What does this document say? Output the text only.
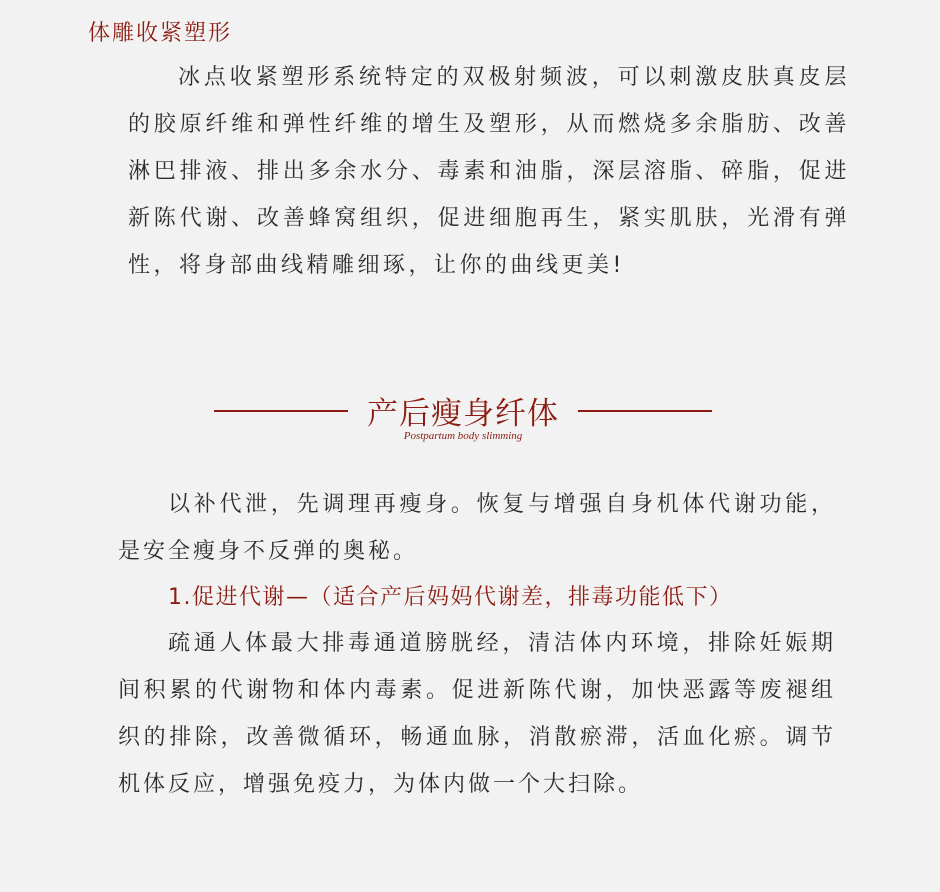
体雕收紧塑形

冰点收紧塑形系统特定的双极射频波，可以刺激皮肤真皮层的胶原纤维和弹性纤维的增生及塑形，从而燃烧多余脂肪、改善淋巴排液、排出多余水分、毒素和油脂，深层溶脂、碎脂，促进新陈代谢、改善蜂窝组织，促进细胞再生，紧实肌肤，光滑有弹性，将身部曲线精雕细琢，让你的曲线更美!

产后瘦身纤体
Postpartum body slimming

以补代泄，先调理再瘦身。恢复与增强自身机体代谢功能，是安全瘦身不反弹的奥秘。

1.促进代谢—（适合产后妈妈代谢差，排毒功能低下）

疏通人体最大排毒通道膀胱经，清洁体内环境，排除妊娠期间积累的代谢物和体内毒素。促进新陈代谢，加快恶露等废褪组织的排除，改善微循环，畅通血脉，消散瘀滞，活血化瘀。调节机体反应，增强免疫力，为体内做一个大扫除。
